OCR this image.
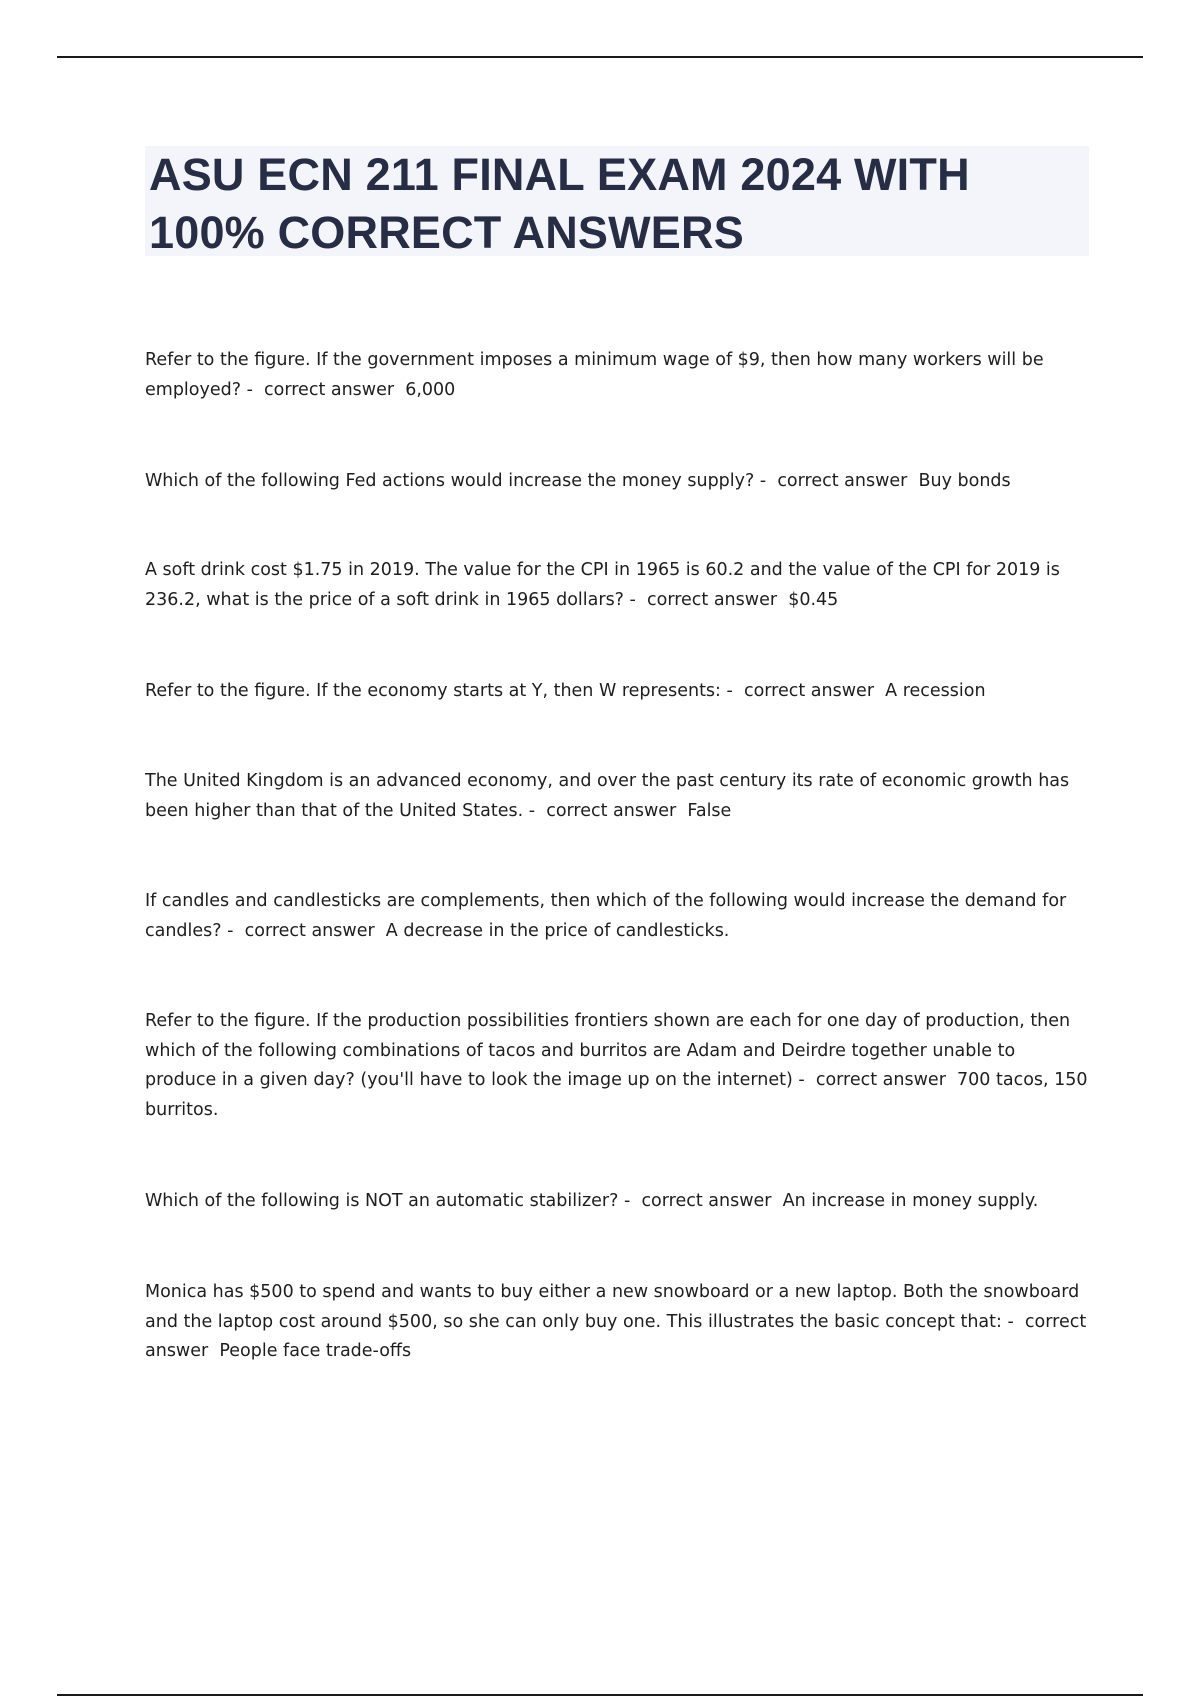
ASU ECN 211 FINAL EXAM 2024 WITH 100% CORRECT ANSWERS

Refer to the figure. If the government imposes a minimum wage of $9, then how many workers will be employed? - correct answer 6,000

Which of the following Fed actions would increase the money supply? - correct answer Buy bonds

A soft drink cost $1.75 in 2019. The value for the CPI in 1965 is 60.2 and the value of the CPI for 2019 is 236.2, what is the price of a soft drink in 1965 dollars? - correct answer $0.45

Refer to the figure. If the economy starts at Y, then W represents: - correct answer A recession

The United Kingdom is an advanced economy, and over the past century its rate of economic growth has been higher than that of the United States. - correct answer False

If candles and candlesticks are complements, then which of the following would increase the demand for candles? - correct answer A decrease in the price of candlesticks.

Refer to the figure. If the production possibilities frontiers shown are each for one day of production, then which of the following combinations of tacos and burritos are Adam and Deirdre together unable to produce in a given day? (you'll have to look the image up on the internet) - correct answer 700 tacos, 150 burritos.

Which of the following is NOT an automatic stabilizer? - correct answer An increase in money supply.

Monica has $500 to spend and wants to buy either a new snowboard or a new laptop. Both the snowboard and the laptop cost around $500, so she can only buy one. This illustrates the basic concept that: - correct answer People face trade-offs
